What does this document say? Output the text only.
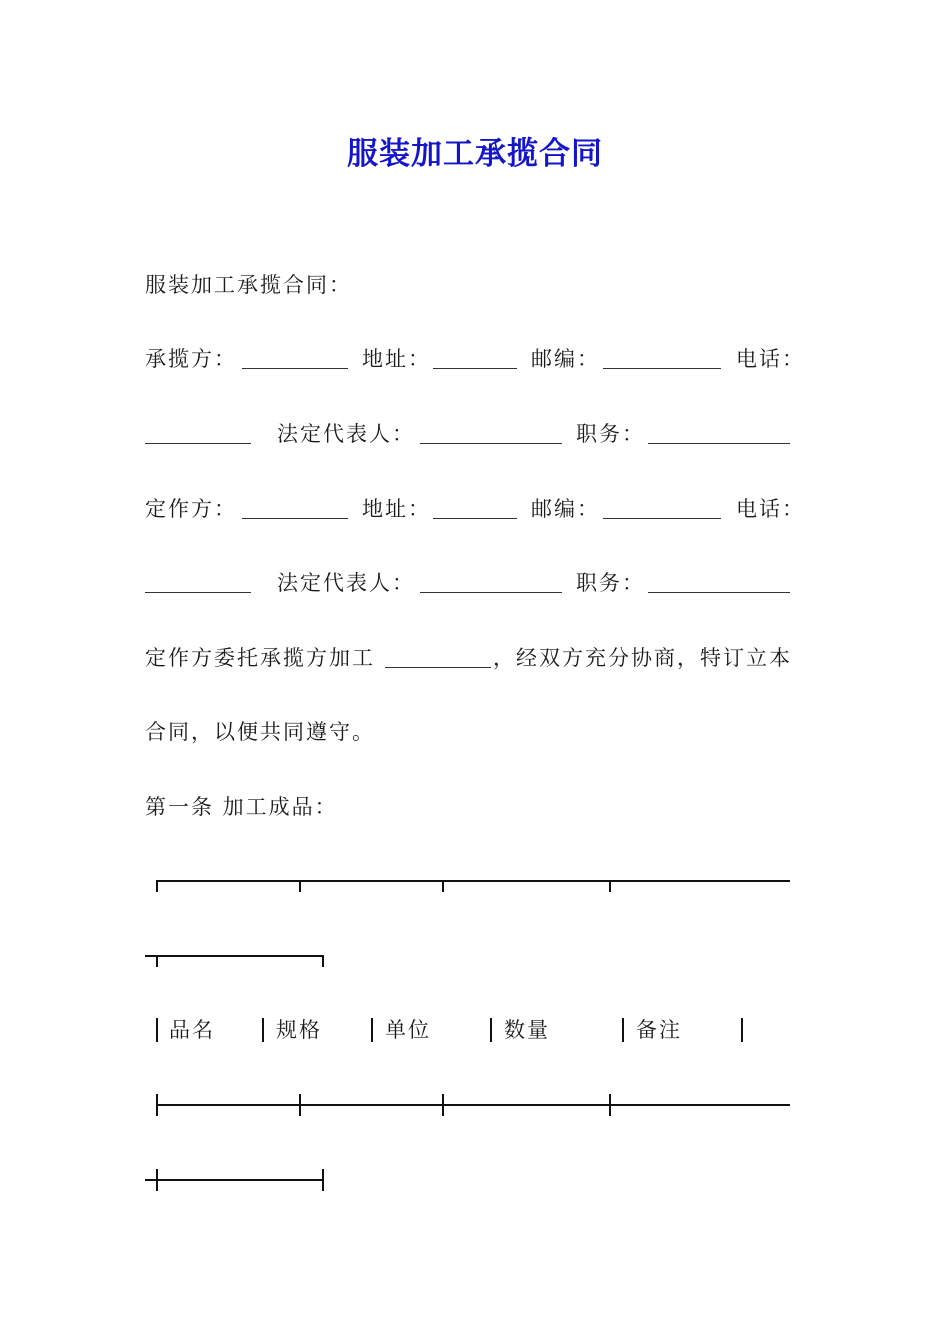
服装加工承揽合同
服装加工承揽合同：
承揽方：	地址：	邮编：	电话：
法定代表人：	职务：
定作方：	地址：	邮编：	电话：
法定代表人：	职务：
定作方委托承揽方加工	，经双方充分协商，特订立本
合同，以便共同遵守。
第一条 加工成品：
品名	规格	单位	数量	备注
